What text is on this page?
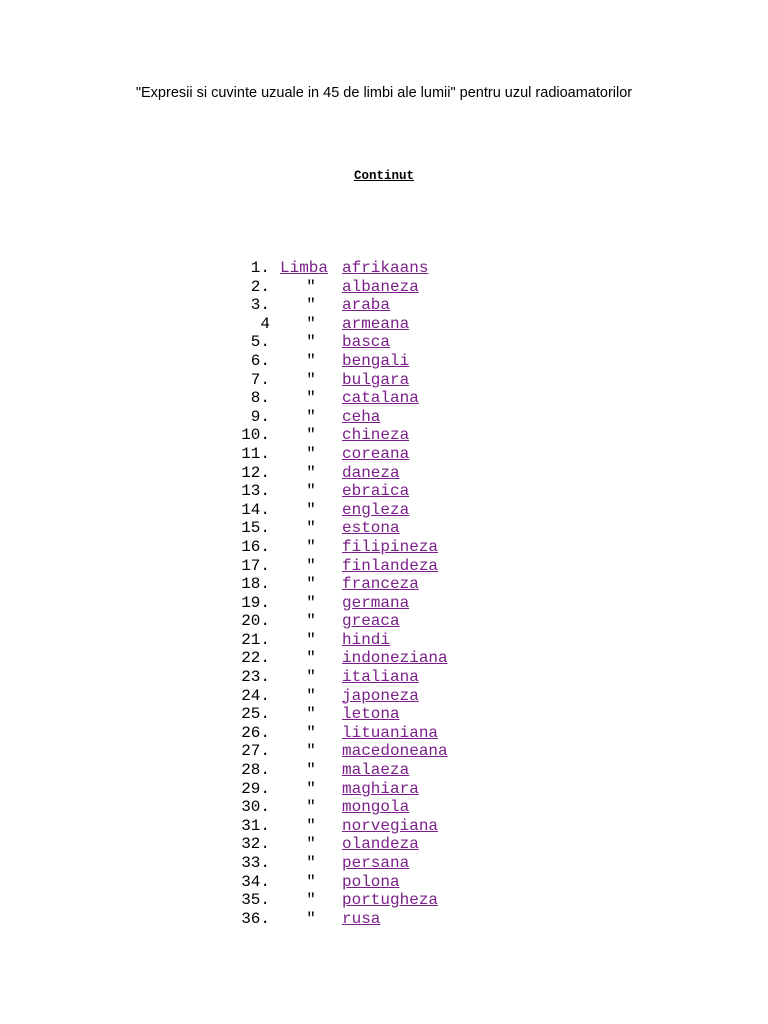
"Expresii si cuvinte uzuale in 45 de limbi ale lumii" pentru uzul radioamatorilor
Continut
1. Limba afrikaans
2. " albaneza
3. " araba
4 " armeana
5. " basca
6. " bengali
7. " bulgara
8. " catalana
9. " ceha
10. " chineza
11. " coreana
12. " daneza
13. " ebraica
14. " engleza
15. " estona
16. " filipineza
17. " finlandeza
18. " franceza
19. " germana
20. " greaca
21. " hindi
22. " indoneziana
23. " italiana
24. " japoneza
25. " letona
26. " lituaniana
27. " macedoneana
28. " malaeza
29. " maghiara
30. " mongola
31. " norvegiana
32. " olandeza
33. " persana
34. " polona
35. " portugheza
36. " rusa
